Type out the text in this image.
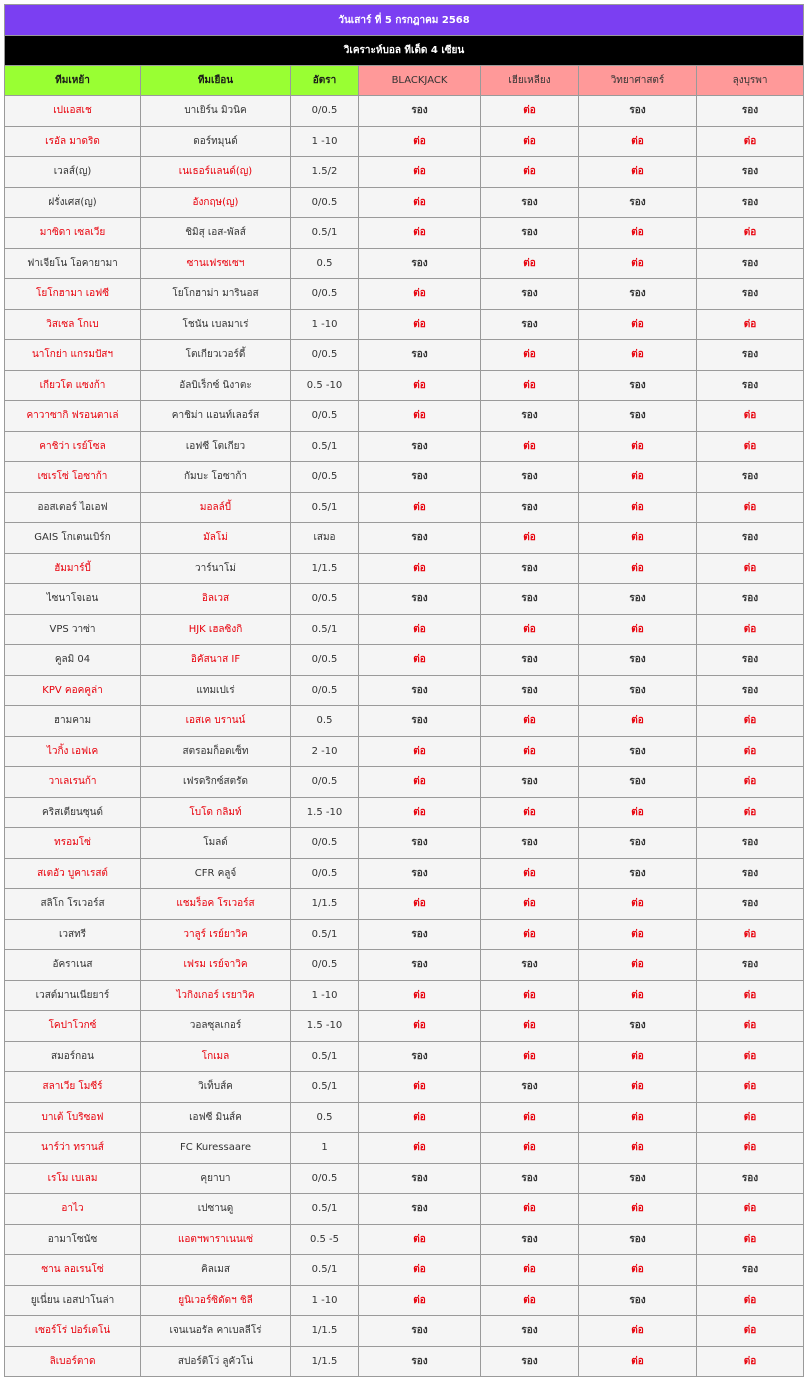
วันเสาร์ ที่ 5 กรกฎาคม 2568						
วิเคราะห์บอล ทีเด็ด 4 เซียน						
ทีมเหย้า	ทีมเยือน	อัตรา	BLACKJACK	เฮียเหลียง	วิทยาศาสตร์	ลุงบุรพา
เปแอสเช	บาเยิร์น มิวนิค	0/0.5	รอง	ต่อ	รอง	รอง
เรอัล มาดริด	ดอร์ทมุนด์	1 -10	ต่อ	ต่อ	ต่อ	ต่อ
เวลส์(ญ)	เนเธอร์แลนด์(ญ)	1.5/2	ต่อ	ต่อ	ต่อ	รอง
ฝรั่งเศส(ญ)	อังกฤษ(ญ)	0/0.5	ต่อ	รอง	รอง	รอง
มาซิดา เซลเวีย	ชิมิสุ เอส-พัลส์	0.5/1	ต่อ	รอง	ต่อ	ต่อ
ฟาเจียโน โอคายามา	ซานเฟรซเซฯ	0.5	รอง	ต่อ	ต่อ	รอง
โยโกฮามา เอฟซี	โยโกฮาม่า มารินอส	0/0.5	ต่อ	รอง	รอง	รอง
วิสเซล โกเบ	โชนัน เบลมาเร่	1 -10	ต่อ	รอง	ต่อ	ต่อ
นาโกย่า แกรมปัสฯ	โตเกียวเวอร์ดี้	0/0.5	รอง	ต่อ	ต่อ	รอง
เกียวโต แซงก้า	อัลบิเร็กซ์ นิงาตะ	0.5 -10	ต่อ	ต่อ	รอง	รอง
คาวาซากิ ฟรอนตาเล่	คาชิม่า แอนท์เลอร์ส	0/0.5	ต่อ	รอง	รอง	ต่อ
คาชิว่า เรย์โซล	เอฟซี โตเกียว	0.5/1	รอง	ต่อ	ต่อ	ต่อ
เซเรโซ่ โอซาก้า	กัมบะ โอซาก้า	0/0.5	รอง	รอง	ต่อ	รอง
ออสเตอร์ ไอเอฟ	มอลล์บี้	0.5/1	ต่อ	รอง	ต่อ	ต่อ
GAIS โกเตนเบิร์ก	มัลโม่	เสมอ	รอง	ต่อ	ต่อ	รอง
ฮัมมาร์บี้	วาร์นาโม่	1/1.5	ต่อ	รอง	ต่อ	ต่อ
ไซนาโจเอน	อิลเวส	0/0.5	รอง	รอง	รอง	รอง
VPS วาซ่า	HJK เฮลซิงกิ	0.5/1	ต่อ	ต่อ	ต่อ	ต่อ
คูลมิ 04	อิคัสนาส IF	0/0.5	ต่อ	รอง	รอง	รอง
KPV คอคคูล่า	แทมเปเร่	0/0.5	รอง	รอง	รอง	รอง
ฮามคาม	เอสเค บรานน์	0.5	รอง	ต่อ	ต่อ	ต่อ
ไวกิ้ง เอฟเค	สตรอมก็อดเซ็ท	2 -10	ต่อ	ต่อ	รอง	ต่อ
วาเลเรนก้า	เฟรดริกซ์สตรัด	0/0.5	ต่อ	รอง	รอง	ต่อ
คริสเตียนซุนด์	โบโด กลิมท์	1.5 -10	ต่อ	ต่อ	ต่อ	ต่อ
ทรอมโซ่	โมลด์	0/0.5	รอง	รอง	รอง	รอง
สเตอัว บูคาเรสต์	CFR คลูจ์	0/0.5	รอง	ต่อ	รอง	รอง
สลิโก โรเวอร์ส	แชมร็อค โรเวอร์ส	1/1.5	ต่อ	ต่อ	ต่อ	รอง
เวสทรี	วาลูร์ เรย์ยาวิค	0.5/1	รอง	ต่อ	ต่อ	ต่อ
อัคราเนส	เฟรม เรย์จาวิค	0/0.5	รอง	รอง	ต่อ	รอง
เวสต์มานเนียยาร์	ไวกิงเกอร์ เรยาวิค	1 -10	ต่อ	ต่อ	ต่อ	ต่อ
โคปาโวกซ์	วอลซุลเกอร์	1.5 -10	ต่อ	ต่อ	รอง	ต่อ
สมอร์กอน	โกเมล	0.5/1	รอง	ต่อ	ต่อ	ต่อ
สลาเวีย โมซีร์	วิเท็บส์ค	0.5/1	ต่อ	รอง	ต่อ	ต่อ
บาเต้ โบริซอฟ	เอฟซี มินส์ค	0.5	ต่อ	ต่อ	ต่อ	ต่อ
นาร์ว่า ทรานส์	FC Kuressaare	1	ต่อ	ต่อ	ต่อ	ต่อ
เรโม เบเลม	คุยาบา	0/0.5	รอง	รอง	รอง	รอง
อาไว	เปซานดู	0.5/1	รอง	ต่อ	ต่อ	ต่อ
อามาโซนัซ	แอตฯพาราเนนเซ่	0.5 -5	ต่อ	รอง	รอง	ต่อ
ซาน ลอเรนโซ่	คิลเมส	0.5/1	ต่อ	ต่อ	ต่อ	รอง
ยูเนี่ยน เอสปาโนล่า	ยูนิเวอร์ซิดัดฯ ชิลี	1 -10	ต่อ	ต่อ	รอง	ต่อ
เซอร์โร่ ปอร์เตโน่	เจนเนอรัล คาเบลลีโร่	1/1.5	รอง	รอง	ต่อ	ต่อ
ลิเบอร์ตาด	สปอร์ติโว่ ลูคัวโน่	1/1.5	รอง	รอง	ต่อ	ต่อ
